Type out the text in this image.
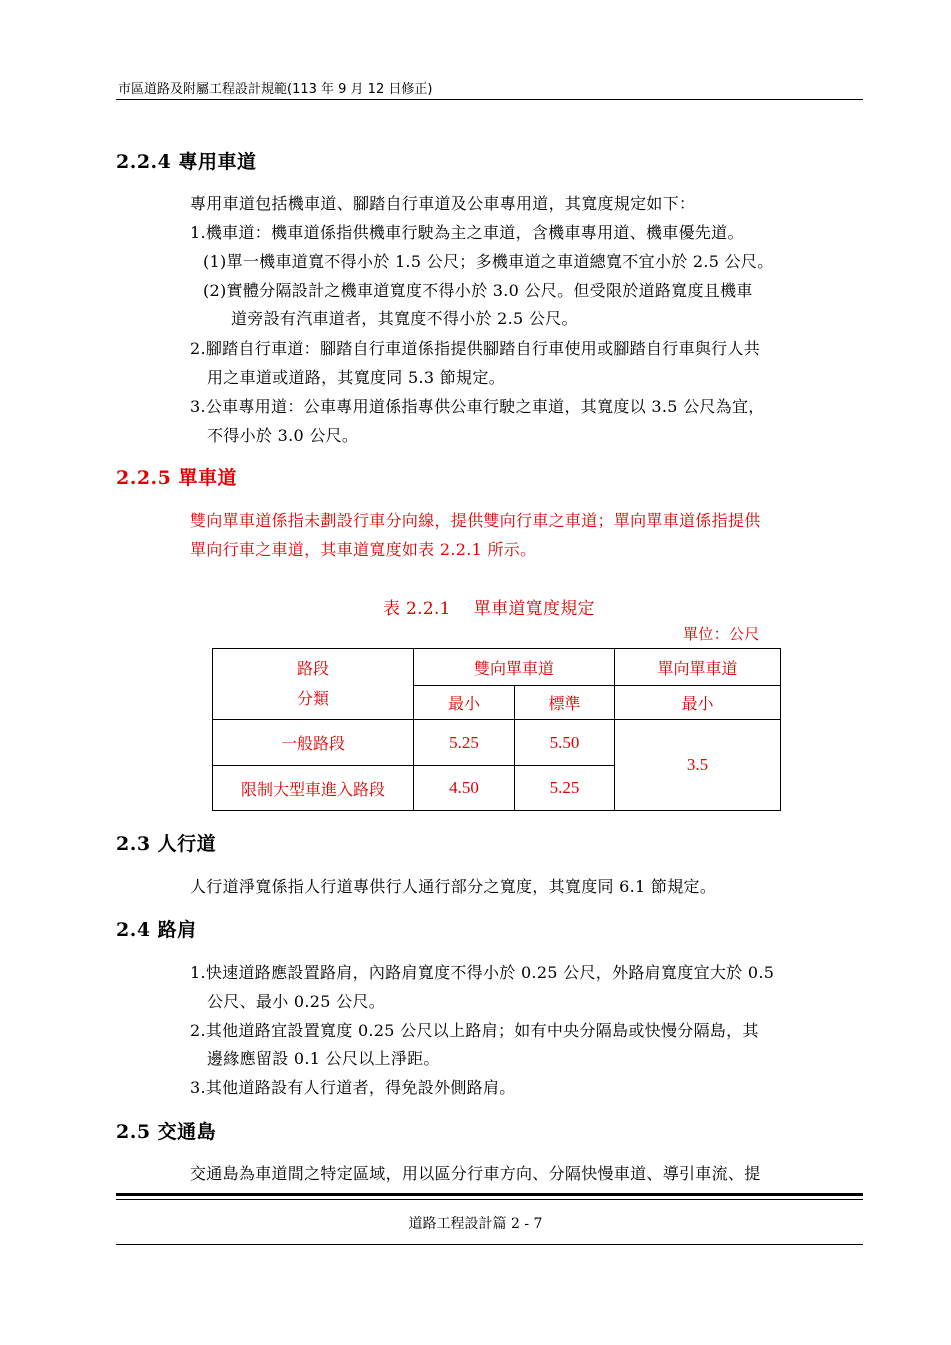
市區道路及附屬工程設計規範(113 年 9 月 12 日修正)
2.2.4 專用車道
專用車道包括機車道、腳踏自行車道及公車專用道，其寬度規定如下：
1.機車道：機車道係指供機車行駛為主之車道，含機車專用道、機車優先道。
(1)單一機車道寬不得小於 1.5 公尺；多機車道之車道總寬不宜小於 2.5 公尺。
(2)實體分隔設計之機車道寬度不得小於 3.0 公尺。但受限於道路寬度且機車
道旁設有汽車道者，其寬度不得小於 2.5 公尺。
2.腳踏自行車道：腳踏自行車道係指提供腳踏自行車使用或腳踏自行車與行人共
用之車道或道路，其寬度同 5.3 節規定。
3.公車專用道：公車專用道係指專供公車行駛之車道，其寬度以 3.5 公尺為宜，
不得小於 3.0 公尺。
2.2.5 單車道
雙向單車道係指未劃設行車分向線，提供雙向行車之車道；單向單車道係指提供
單向行車之車道，其車道寬度如表 2.2.1 所示。
表 2.2.1　 單車道寬度規定
單位：公尺
路段
分類	雙向單車道		單向單車道
	最小	標準	最小
一般路段	5.25	5.50	3.5
限制大型車進入路段	4.50	5.25	
2.3 人行道
人行道淨寬係指人行道專供行人通行部分之寬度，其寬度同 6.1 節規定。
2.4 路肩
1.快速道路應設置路肩，內路肩寬度不得小於 0.25 公尺，外路肩寬度宜大於 0.5
公尺、最小 0.25 公尺。
2.其他道路宜設置寬度 0.25 公尺以上路肩；如有中央分隔島或快慢分隔島，其
邊緣應留設 0.1 公尺以上淨距。
3.其他道路設有人行道者，得免設外側路肩。
2.5 交通島
交通島為車道間之特定區域，用以區分行車方向、分隔快慢車道、導引車流、提
道路工程設計篇 2 - 7
